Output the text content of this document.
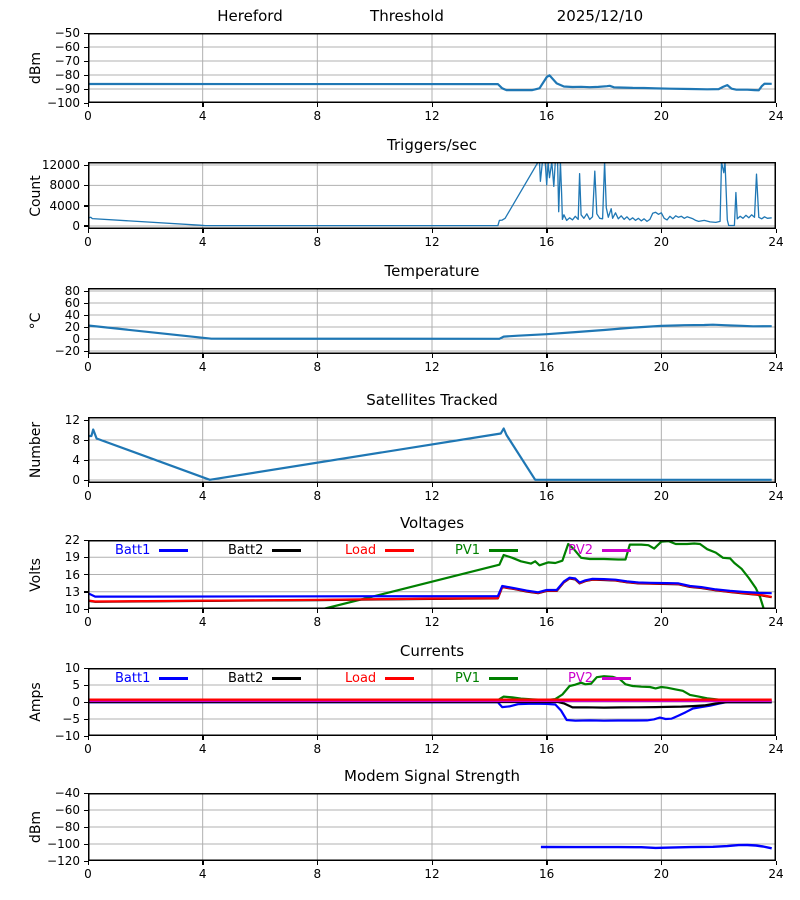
Hereford	Threshold	2025/12/10
dBm
0	4	8	12	16	20	24
−100
−90
−80
−70
−60
−50
Triggers/sec
Count
0	4	8	12	16	20	24
0
4000
8000
12000
Temperature
°C
0	4	8	12	16	20	24
−20
0
20
40
60
80
Satellites Tracked
Number
0	4	8	12	16	20	24
0
4
8
12
Voltages
Volts
0	4	8	12	16	20	24
10
13
16
19
22
Batt1	Batt2	Load	PV1	PV2
Currents
Amps
0	4	8	12	16	20	24
−10
−5
0
5
10
Batt1	Batt2	Load	PV1	PV2
Modem Signal Strength
dBm
0	4	8	12	16	20	24
−120
−100
−80
−60
−40
